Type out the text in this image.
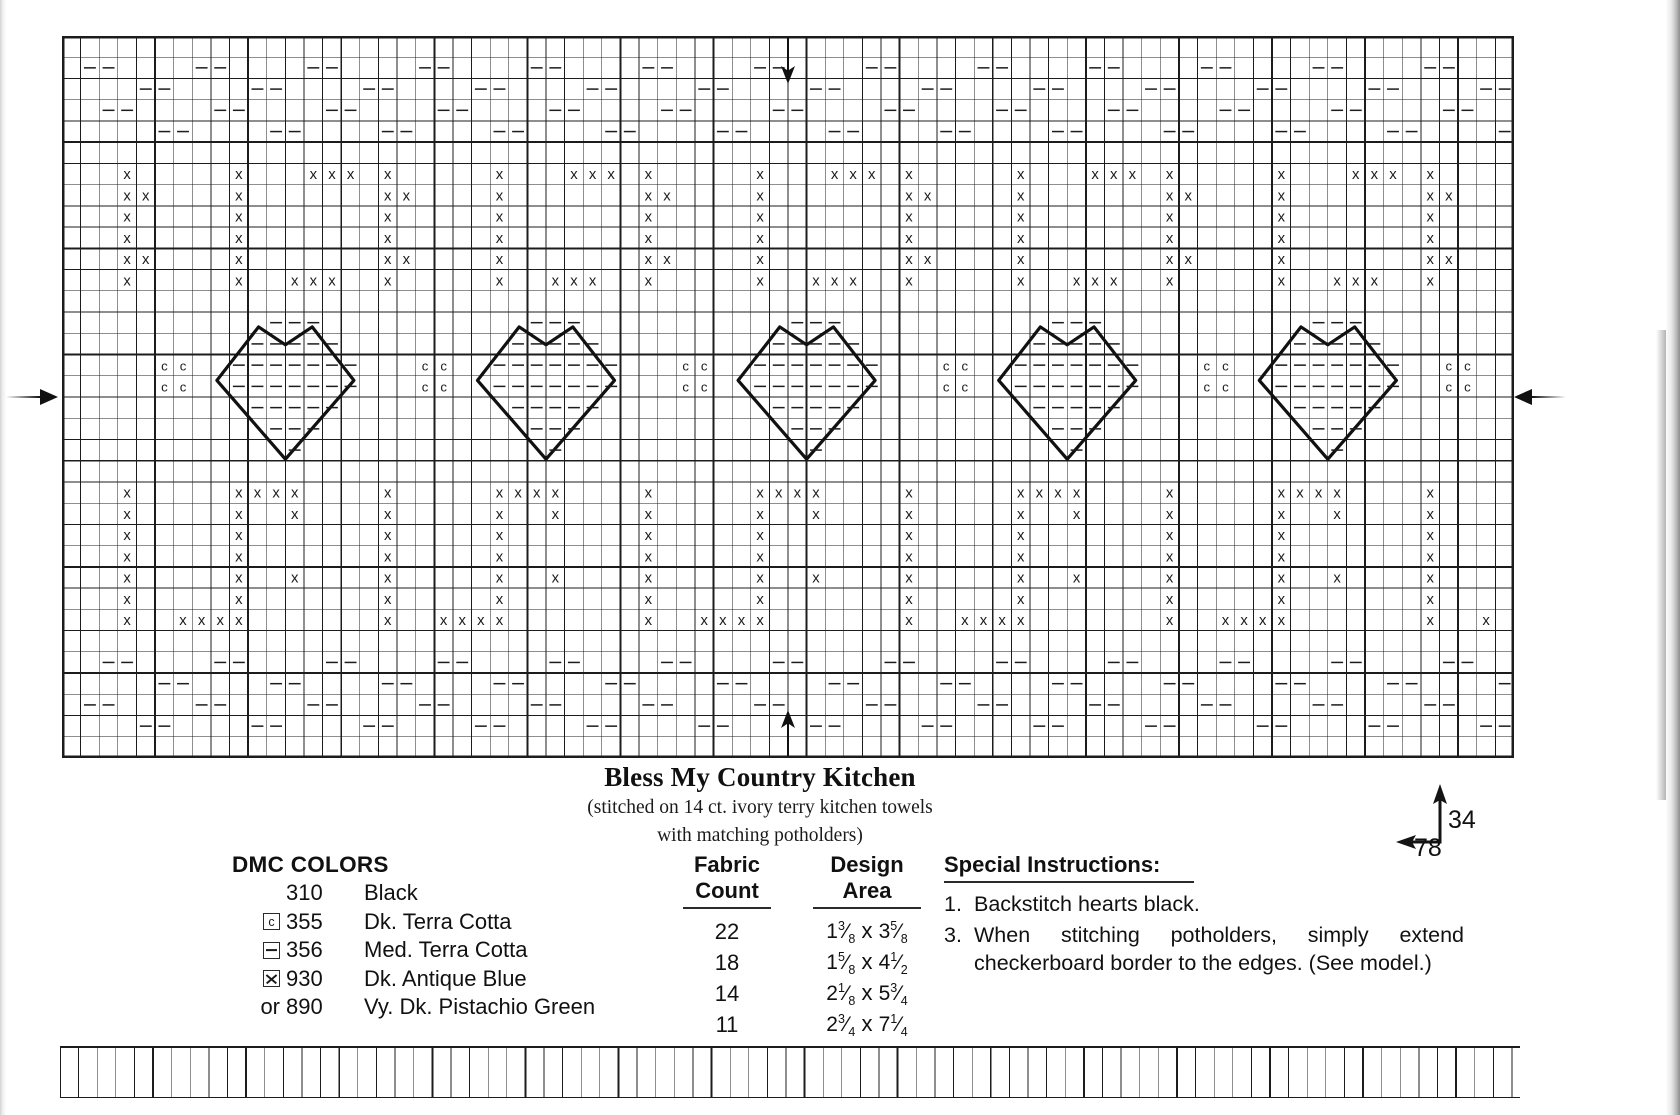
x	x	x x x x	x	x x x x	x	x x x x	x	x x x x	x	x x x x
x x	x	x x	x	x x	x	x x	x	x x	x	x x
x	x	x	x	x	x	x	x	x	x	x
x	x	x	x	x	x	x	x	x	x	x
x x	x	x x	x	x x	x	x x	x	x x	x	x x
x	x	x x x	x	x	x x x	x	x	x x x	x	x	x x x	x	x	x x x	x
x	x x x x	x	x x x x	x	x x x x	x	x x x x	x	x x x x	x
x	x	x	x	x	x	x	x	x	x	x	x	x	x	x	x
x	x	x	x	x	x	x	x	x	x	x
x	x	x	x	x	x	x	x	x	x	x
x	x	x	x	x	x	x	x	x	x	x	x	x	x	x	x
x	x	x	x	x	x	x	x	x	x	x
x	x x x x	x	x x x x	x	x x x x	x	x x x x	x	x x x x	x	x
c
c
c
c
c
c
c
c
c
c
c
c
c
c
c
c
c
c
c
c
c
c
c
c
Bless My Country Kitchen
(stitched on 14 ct. ivory terry kitchen towels
with matching potholders)
34
78
DMC COLORS
310	Black
c 355	Dk. Terra Cotta
356	Med. Terra Cotta
930	Dk. Antique Blue
or 890	Vy. Dk. Pistachio Green
Fabric
Count
Design
Area
22	$1^3⁄_8$ x $3^5⁄_8$
18	$1^5⁄_8$ x $4^1⁄_2$
14	$2^1⁄_8$ x $5^3⁄_4$
11	$2^3⁄_4$ x $7^1⁄_4$
Special Instructions:
1. Backstitch hearts black.
3. When stitching potholders, simply extend checkerboard border to the edges. (See model.)
